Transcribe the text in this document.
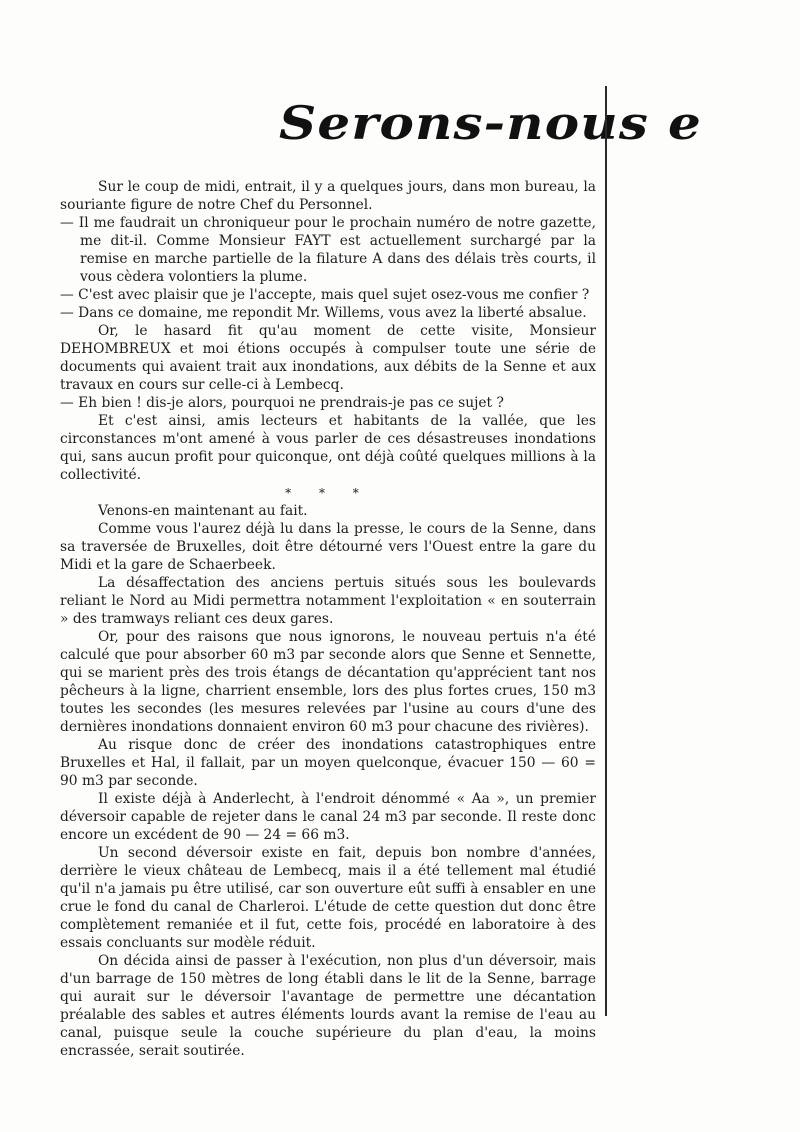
Serons-nous e

Sur le coup de midi, entrait, il y a quelques jours, dans mon bureau, la souriante figure de notre Chef du Personnel.

— Il me faudrait un chroniqueur pour le prochain numéro de notre gazette, me dit-il. Comme Monsieur FAYT est actuellement surchargé par la remise en marche partielle de la filature A dans des délais très courts, il vous cèdera volontiers la plume.

— C'est avec plaisir que je l'accepte, mais quel sujet osez-vous me confier ?

— Dans ce domaine, me repondit Mr. Willems, vous avez la liberté absalue.

Or, le hasard fit qu'au moment de cette visite, Monsieur DEHOMBREUX et moi étions occupés à compulser toute une série de documents qui avaient trait aux inondations, aux débits de la Senne et aux travaux en cours sur celle-ci à Lembecq.

— Eh bien ! dis-je alors, pourquoi ne prendrais-je pas ce sujet ?

Et c'est ainsi, amis lecteurs et habitants de la vallée, que les circonstances m'ont amené à vous parler de ces désastreuses inondations qui, sans aucun profit pour quiconque, ont déjà coûté quelques millions à la collectivité.

* * *

Venons-en maintenant au fait.

Comme vous l'aurez déjà lu dans la presse, le cours de la Senne, dans sa traversée de Bruxelles, doit être détourné vers l'Ouest entre la gare du Midi et la gare de Schaerbeek.

La désaffectation des anciens pertuis situés sous les boulevards reliant le Nord au Midi permettra notamment l'exploitation « en souterrain » des tramways reliant ces deux gares.

Or, pour des raisons que nous ignorons, le nouveau pertuis n'a été calculé que pour absorber 60 m3 par seconde alors que Senne et Sennette, qui se marient près des trois étangs de décantation qu'apprécient tant nos pêcheurs à la ligne, charrient ensemble, lors des plus fortes crues, 150 m3 toutes les secondes (les mesures relevées par l'usine au cours d'une des dernières inondations donnaient environ 60 m3 pour chacune des rivières).

Au risque donc de créer des inondations catastrophiques entre Bruxelles et Hal, il fallait, par un moyen quelconque, évacuer 150 — 60 = 90 m3 par seconde.

Il existe déjà à Anderlecht, à l'endroit dénommé « Aa », un premier déversoir capable de rejeter dans le canal 24 m3 par seconde. Il reste donc encore un excédent de 90 — 24 = 66 m3.

Un second déversoir existe en fait, depuis bon nombre d'années, derrière le vieux château de Lembecq, mais il a été tellement mal étudié qu'il n'a jamais pu être utilisé, car son ouverture eût suffi à ensabler en une crue le fond du canal de Charleroi. L'étude de cette question dut donc être complètement remaniée et il fut, cette fois, procédé en laboratoire à des essais concluants sur modèle réduit.

On décida ainsi de passer à l'exécution, non plus d'un déversoir, mais d'un barrage de 150 mètres de long établi dans le lit de la Senne, barrage qui aurait sur le déversoir l'avantage de permettre une décantation préalable des sables et autres éléments lourds avant la remise de l'eau au canal, puisque seule la couche supérieure du plan d'eau, la moins encrassée, serait soutirée.
